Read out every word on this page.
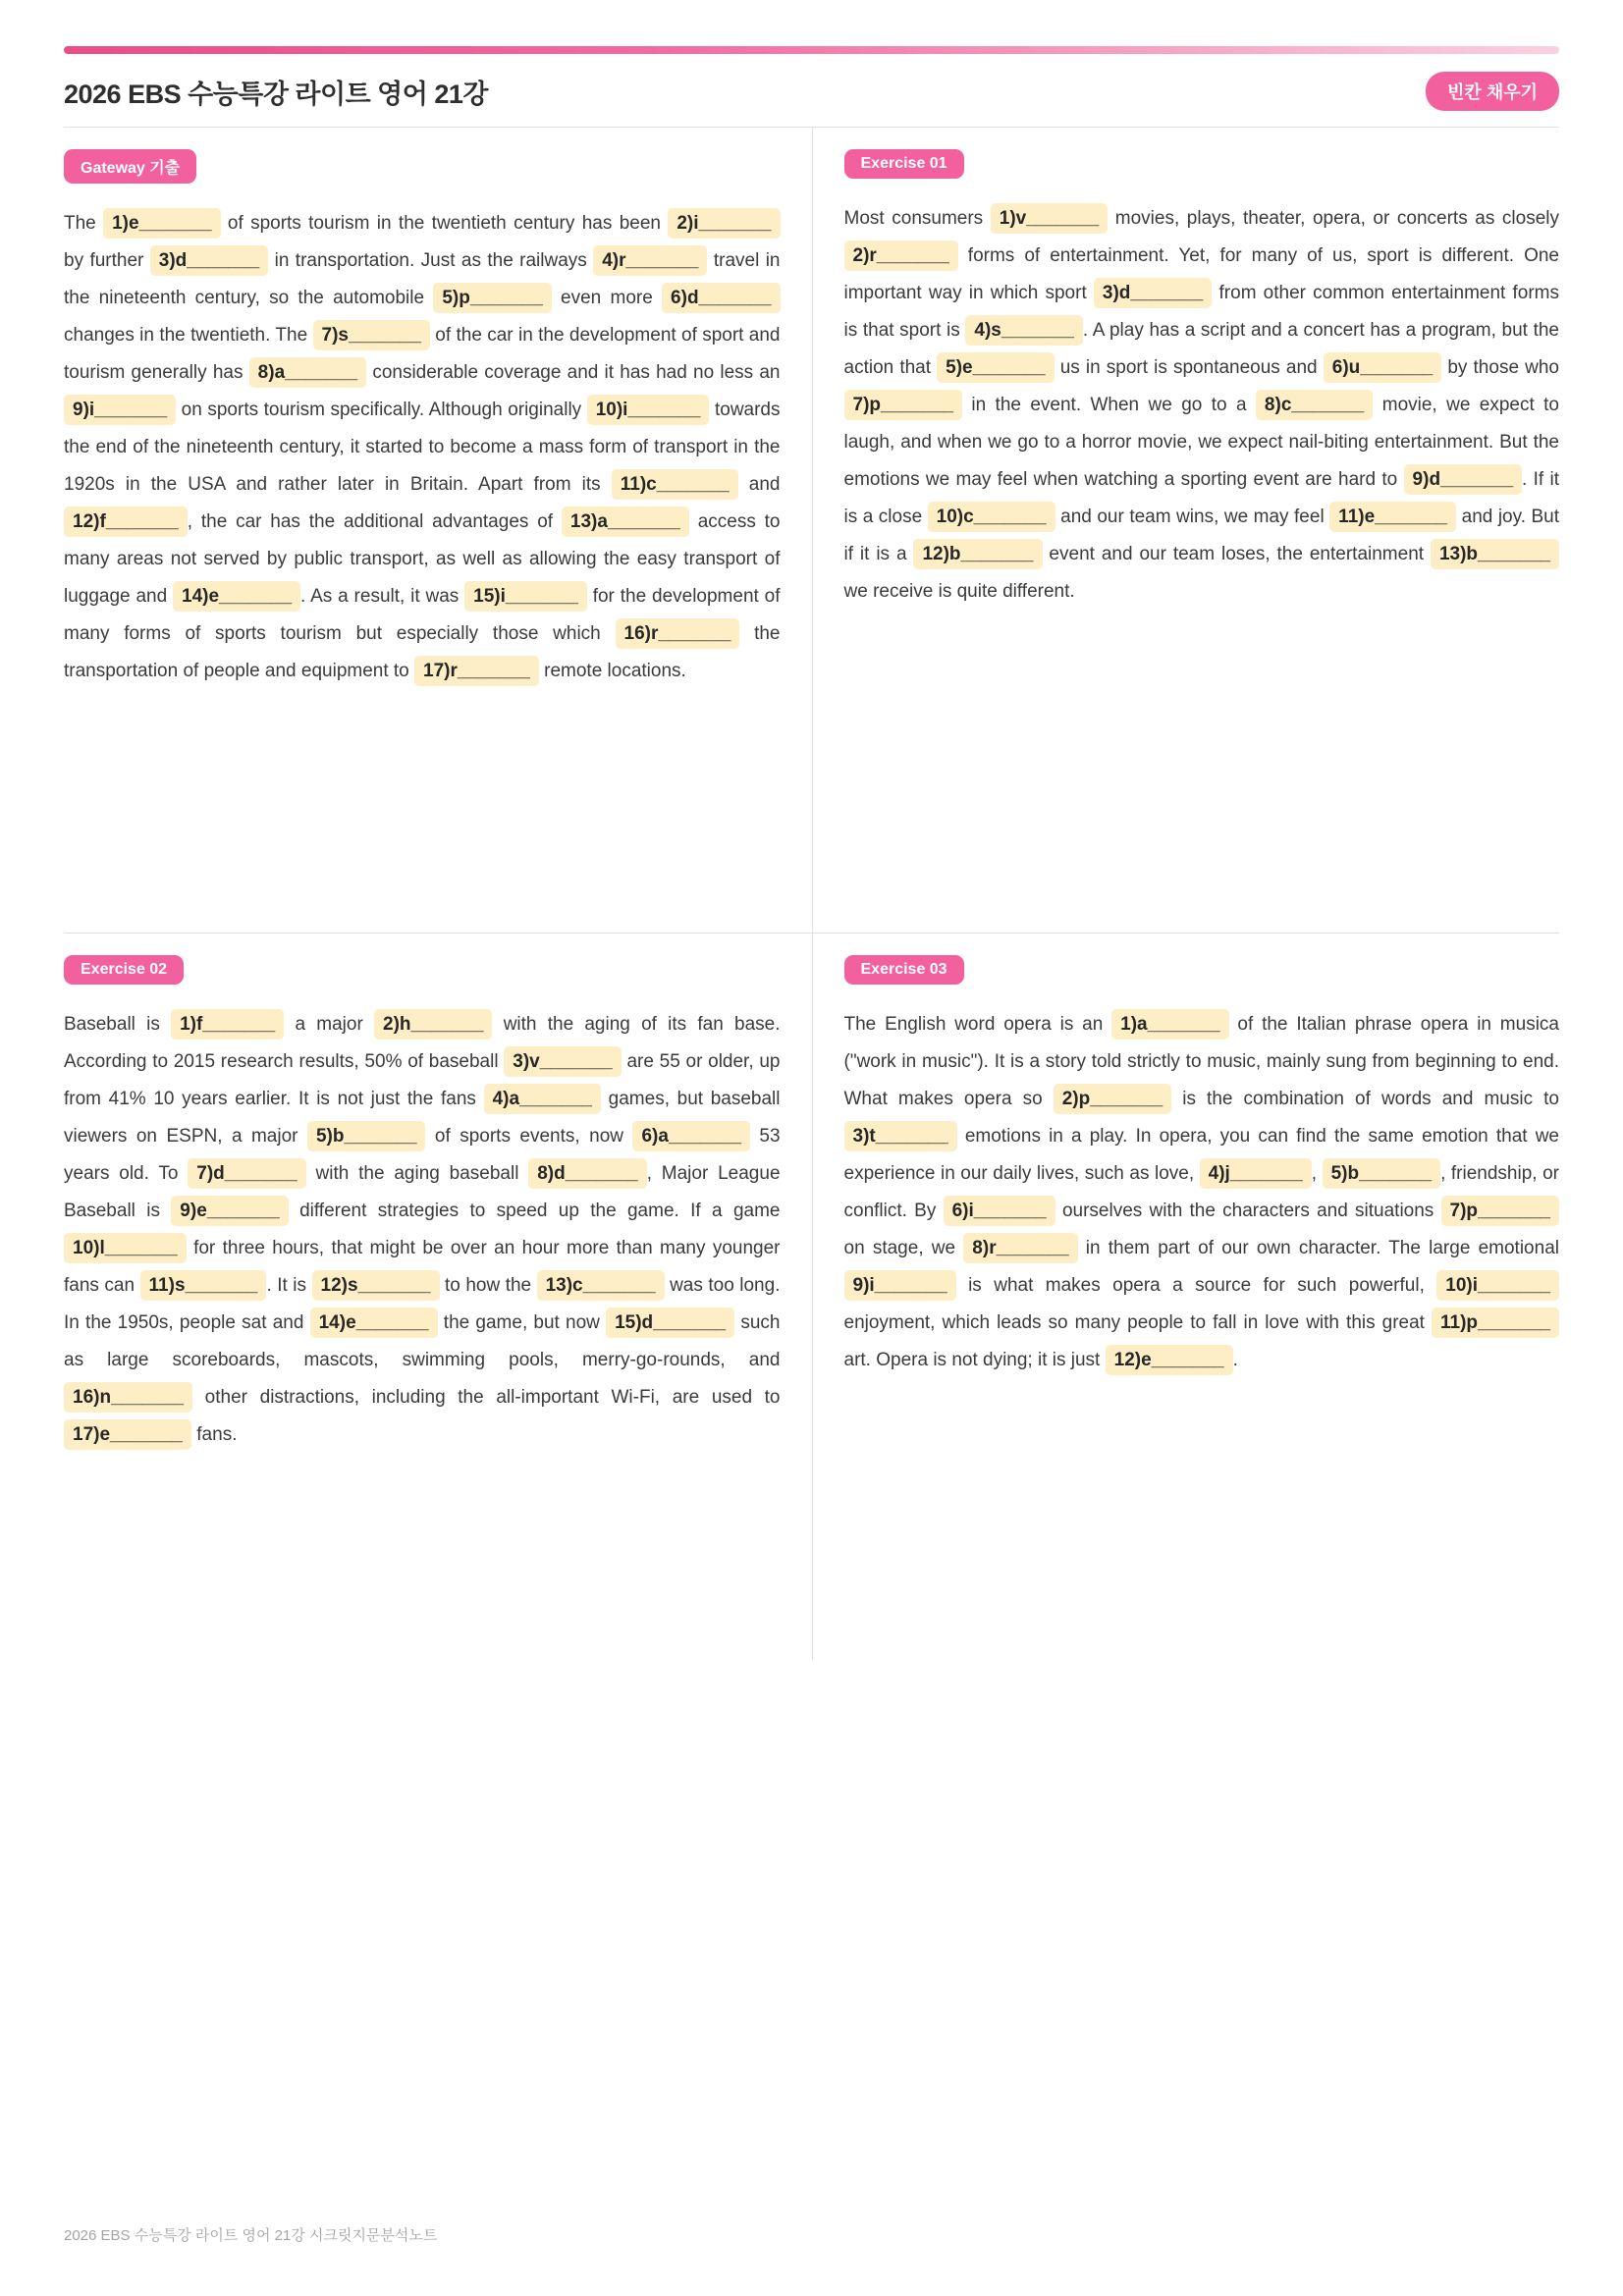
2026 EBS 수능특강 라이트 영어 21강	빈칸 채우기
Gateway 기출

The 1)e_______ of sports tourism in the twentieth century has been 2)i_______ by further 3)d_______ in transportation. Just as the railways 4)r_______ travel in the nineteenth century, so the automobile 5)p_______ even more 6)d_______ changes in the twentieth. The 7)s_______ of the car in the development of sport and tourism generally has 8)a_______ considerable coverage and it has had no less an 9)i_______ on sports tourism specifically. Although originally 10)i_______ towards the end of the nineteenth century, it started to become a mass form of transport in the 1920s in the USA and rather later in Britain. Apart from its 11)c_______ and 12)f_______ , the car has the additional advantages of 13)a_______ access to many areas not served by public transport, as well as allowing the easy transport of luggage and 14)e_______ . As a result, it was 15)i_______ for the development of many forms of sports tourism but especially those which 16)r_______ the transportation of people and equipment to 17)r_______ remote locations.

Exercise 01

Most consumers 1)v_______ movies, plays, theater, opera, or concerts as closely 2)r_______ forms of entertainment. Yet, for many of us, sport is different. One important way in which sport 3)d_______ from other common entertainment forms is that sport is 4)s_______ . A play has a script and a concert has a program, but the action that 5)e_______ us in sport is spontaneous and 6)u_______ by those who 7)p_______ in the event. When we go to a 8)c_______ movie, we expect to laugh, and when we go to a horror movie, we expect nail-biting entertainment. But the emotions we may feel when watching a sporting event are hard to 9)d_______ . If it is a close 10)c_______ and our team wins, we may feel 11)e_______ and joy. But if it is a 12)b_______ event and our team loses, the entertainment 13)b_______ we receive is quite different.

Exercise 02

Baseball is 1)f_______ a major 2)h_______ with the aging of its fan base. According to 2015 research results, 50% of baseball 3)v_______ are 55 or older, up from 41% 10 years earlier. It is not just the fans 4)a_______ games, but baseball viewers on ESPN, a major 5)b_______ of sports events, now 6)a_______ 53 years old. To 7)d_______ with the aging baseball 8)d_______ , Major League Baseball is 9)e_______ different strategies to speed up the game. If a game 10)l_______ for three hours, that might be over an hour more than many younger fans can 11)s_______ . It is 12)s_______ to how the 13)c_______ was too long. In the 1950s, people sat and 14)e_______ the game, but now 15)d_______ such as large scoreboards, mascots, swimming pools, merry-go-rounds, and 16)n_______ other distractions, including the all-important Wi-Fi, are used to 17)e_______ fans.

Exercise 03

The English word opera is an 1)a_______ of the Italian phrase opera in musica ("work in music"). It is a story told strictly to music, mainly sung from beginning to end. What makes opera so 2)p_______ is the combination of words and music to 3)t_______ emotions in a play. In opera, you can find the same emotion that we experience in our daily lives, such as love, 4)j_______ , 5)b_______ , friendship, or conflict. By 6)i_______ ourselves with the characters and situations 7)p_______ on stage, we 8)r_______ in them part of our own character. The large emotional 9)i_______ is what makes opera a source for such powerful, 10)i_______ enjoyment, which leads so many people to fall in love with this great 11)p_______ art. Opera is not dying; it is just 12)e_______ .

2026 EBS 수능특강 라이트 영어 21강 시크릿지문분석노트
